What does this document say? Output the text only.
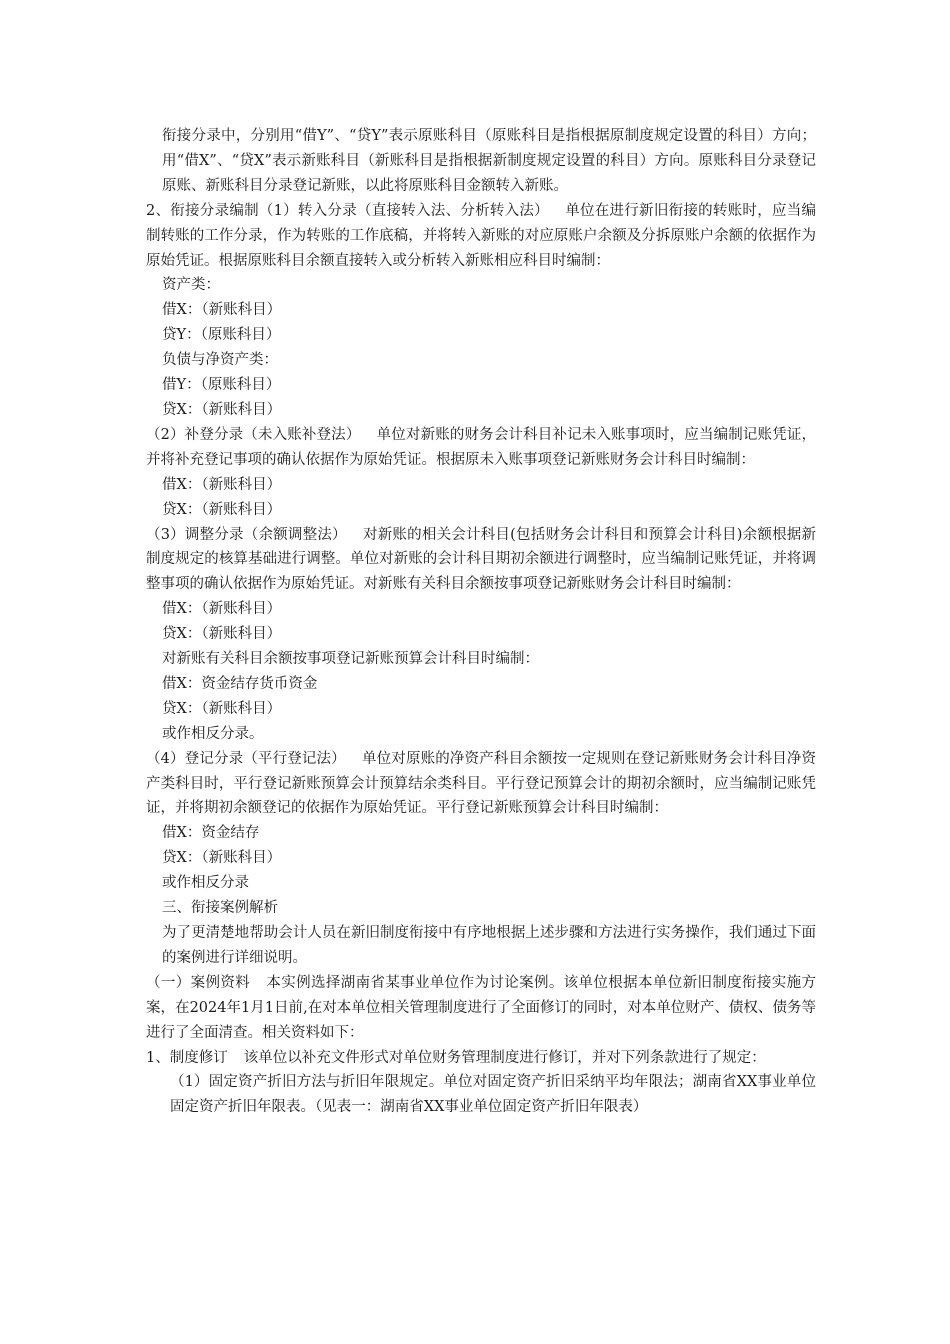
衔接分录中，分别用“借Y”、“贷Y”表示原账科目（原账科目是指根据原制度规定设置的科目）方向；用“借X”、“贷X”表示新账科目（新账科目是指根据新制度规定设置的科目）方向。原账科目分录登记原账、新账科目分录登记新账，以此将原账科目金额转入新账。

2、衔接分录编制（1）转入分录（直接转入法、分析转入法） 单位在进行新旧衔接的转账时，应当编制转账的工作分录，作为转账的工作底稿，并将转入新账的对应原账户余额及分拆原账户余额的依据作为原始凭证。根据原账科目余额直接转入或分析转入新账相应科目时编制：

资产类：

借X：（新账科目）

贷Y：（原账科目）

负债与净资产类：

借Y：（原账科目）

贷X：（新账科目）

（2）补登分录（未入账补登法） 单位对新账的财务会计科目补记未入账事项时，应当编制记账凭证，并将补充登记事项的确认依据作为原始凭证。根据原未入账事项登记新账财务会计科目时编制：

借X：（新账科目）

贷X：（新账科目）

（3）调整分录（余额调整法） 对新账的相关会计科目(包括财务会计科目和预算会计科目)余额根据新制度规定的核算基础进行调整。单位对新账的会计科目期初余额进行调整时，应当编制记账凭证，并将调整事项的确认依据作为原始凭证。对新账有关科目余额按事项登记新账财务会计科目时编制：

借X：（新账科目）

贷X：（新账科目）

对新账有关科目余额按事项登记新账预算会计科目时编制：

借X：资金结存货币资金

贷X：（新账科目）

或作相反分录。

（4）登记分录（平行登记法） 单位对原账的净资产科目余额按一定规则在登记新账财务会计科目净资产类科目时，平行登记新账预算会计预算结余类科目。平行登记预算会计的期初余额时，应当编制记账凭证，并将期初余额登记的依据作为原始凭证。平行登记新账预算会计科目时编制：

借X：资金结存

贷X：（新账科目）

或作相反分录

三、衔接案例解析

为了更清楚地帮助会计人员在新旧制度衔接中有序地根据上述步骤和方法进行实务操作，我们通过下面的案例进行详细说明。

（一）案例资料 本实例选择湖南省某事业单位作为讨论案例。该单位根据本单位新旧制度衔接实施方案，在2024年1月1日前,在对本单位相关管理制度进行了全面修订的同时，对本单位财产、债权、债务等进行了全面清查。相关资料如下：

1、制度修订 该单位以补充文件形式对单位财务管理制度进行修订，并对下列条款进行了规定：

（1）固定资产折旧方法与折旧年限规定。单位对固定资产折旧采纳平均年限法；湖南省XX事业单位固定资产折旧年限表。（见表一：湖南省XX事业单位固定资产折旧年限表）
